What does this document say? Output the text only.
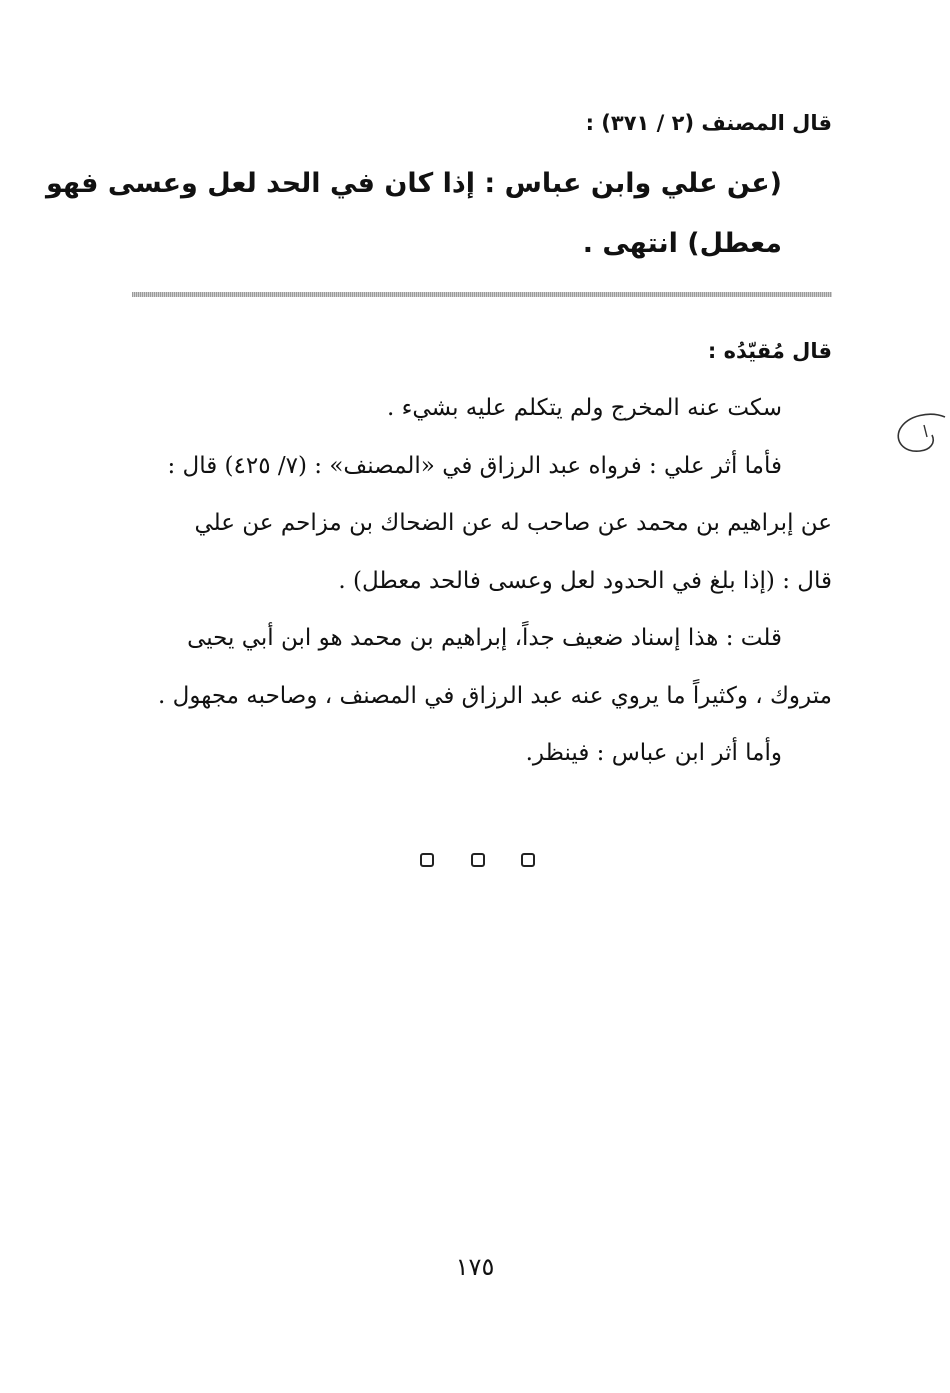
قال المصنف (٢ / ٣٧١) :
(عن علي وابن عباس : إذا كان في الحد لعل وعسى فهو
معطل) انتهى .
قال مُقيّدُه :
سكت عنه المخرج ولم يتكلم عليه بشيء .
فأما أثر علي : فرواه عبد الرزاق في «المصنف» : (٧/ ٤٢٥) قال :
عن إبراهيم بن محمد عن صاحب له عن الضحاك بن مزاحم عن علي
قال : (إذا بلغ في الحدود لعل وعسى فالحد معطل) .
قلت : هذا إسناد ضعيف جداً، إبراهيم بن محمد هو ابن أبي يحيى
متروك ، وكثيراً ما يروي عنه عبد الرزاق في المصنف ، وصاحبه مجهول .
وأما أثر ابن عباس : فينظر.
١٧٥
